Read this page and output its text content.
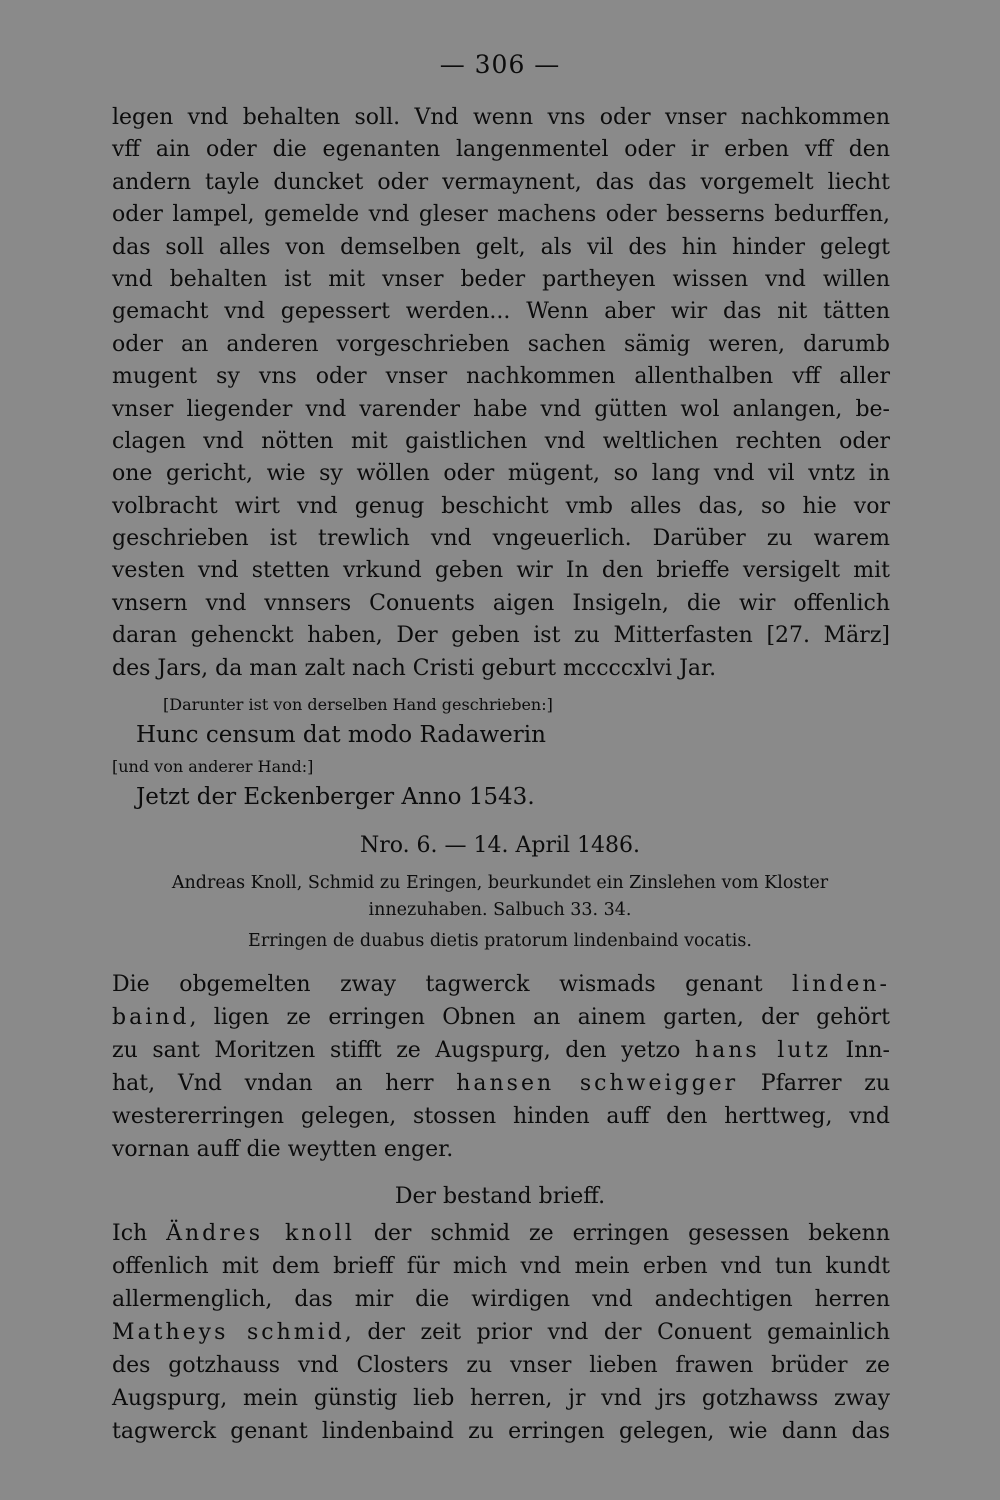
— 306 —
legen vnd behalten soll. Vnd wenn vns oder vnser nachkommen
vff ain oder die egenanten langenmentel oder ir erben vff den
andern tayle duncket oder vermaynent, das das vorgemelt liecht
oder lampel, gemelde vnd gleser machens oder besserns bedurffen,
das soll alles von demselben gelt, als vil des hin hinder gelegt
vnd behalten ist mit vnser beder partheyen wissen vnd willen
gemacht vnd gepessert werden... Wenn aber wir das nit tätten
oder an anderen vorgeschrieben sachen sämig weren, darumb
mugent sy vns oder vnser nachkommen allenthalben vff aller
vnser liegender vnd varender habe vnd gütten wol anlangen, be-
clagen vnd nötten mit gaistlichen vnd weltlichen rechten oder
one gericht, wie sy wöllen oder mügent, so lang vnd vil vntz in
volbracht wirt vnd genug beschicht vmb alles das, so hie vor
geschrieben ist trewlich vnd vngeuerlich. Darüber zu warem
vesten vnd stetten vrkund geben wir In den brieffe versigelt mit
vnsern vnd vnnsers Conuents aigen Insigeln, die wir offenlich
daran gehenckt haben, Der geben ist zu Mitterfasten [27. März]
des Jars, da man zalt nach Cristi geburt mccccxlvi Jar.
[Darunter ist von derselben Hand geschrieben:]
Hunc censum dat modo Radawerin
[und von anderer Hand:]
Jetzt der Eckenberger Anno 1543.
Nro. 6. — 14. April 1486.
Andreas Knoll, Schmid zu Eringen, beurkundet ein Zinslehen vom Kloster
innezuhaben. Salbuch 33. 34.
Erringen de duabus dietis pratorum lindenbaind vocatis.
Die obgemelten zway tagwerck wismads genant linden-
baind, ligen ze erringen Obnen an ainem garten, der gehört
zu sant Moritzen stifft ze Augspurg, den yetzo hans lutz Inn-
hat, Vnd vndan an herr hansen schweigger Pfarrer zu
westererringen gelegen, stossen hinden auff den herttweg, vnd
vornan auff die weytten enger.
Der bestand brieff.
Ich Ändres knoll der schmid ze erringen gesessen bekenn
offenlich mit dem brieff für mich vnd mein erben vnd tun kundt
allermenglich, das mir die wirdigen vnd andechtigen herren
Matheys schmid, der zeit prior vnd der Conuent gemainlich
des gotzhauss vnd Closters zu vnser lieben frawen brüder ze
Augspurg, mein günstig lieb herren, jr vnd jrs gotzhawss zway
tagwerck genant lindenbaind zu erringen gelegen, wie dann das
